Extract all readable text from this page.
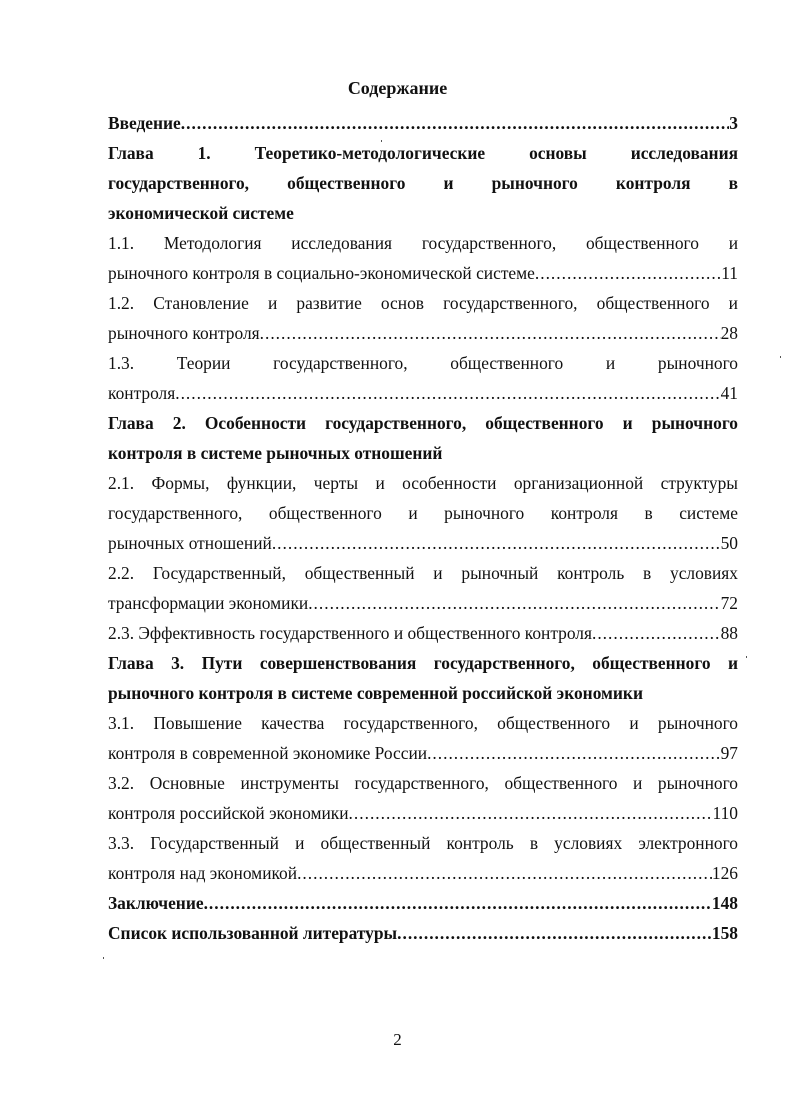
Содержание
Введение .....	3
Глава 1. Теоретико-методологические основы исследования
государственного, общественного и рыночного контроля в
экономической системе
1.1. Методология исследования государственного, общественного и
рыночного контроля в социально-экономической системе .....	11
1.2. Становление и развитие основ государственного, общественного и
рыночного контроля .....	28
1.3. Теории государственного, общественного и рыночного
контроля .....	41
Глава 2. Особенности государственного, общественного и рыночного
контроля в системе рыночных отношений
2.1. Формы, функции, черты и особенности организационной структуры
государственного, общественного и рыночного контроля в системе
рыночных отношений .....	50
2.2. Государственный, общественный и рыночный контроль в условиях
трансформации экономики .....	72
2.3. Эффективность государственного и общественного контроля .....	88
Глава 3. Пути совершенствования государственного, общественного и
рыночного контроля в системе современной российской экономики
3.1. Повышение качества государственного, общественного и рыночного
контроля в современной экономике России .....	97
3.2. Основные инструменты государственного, общественного и рыночного
контроля российской экономики .....	110
3.3. Государственный и общественный контроль в условиях электронного
контроля над экономикой .....	126
Заключение .....	148
Список использованной литературы .....	158
2
